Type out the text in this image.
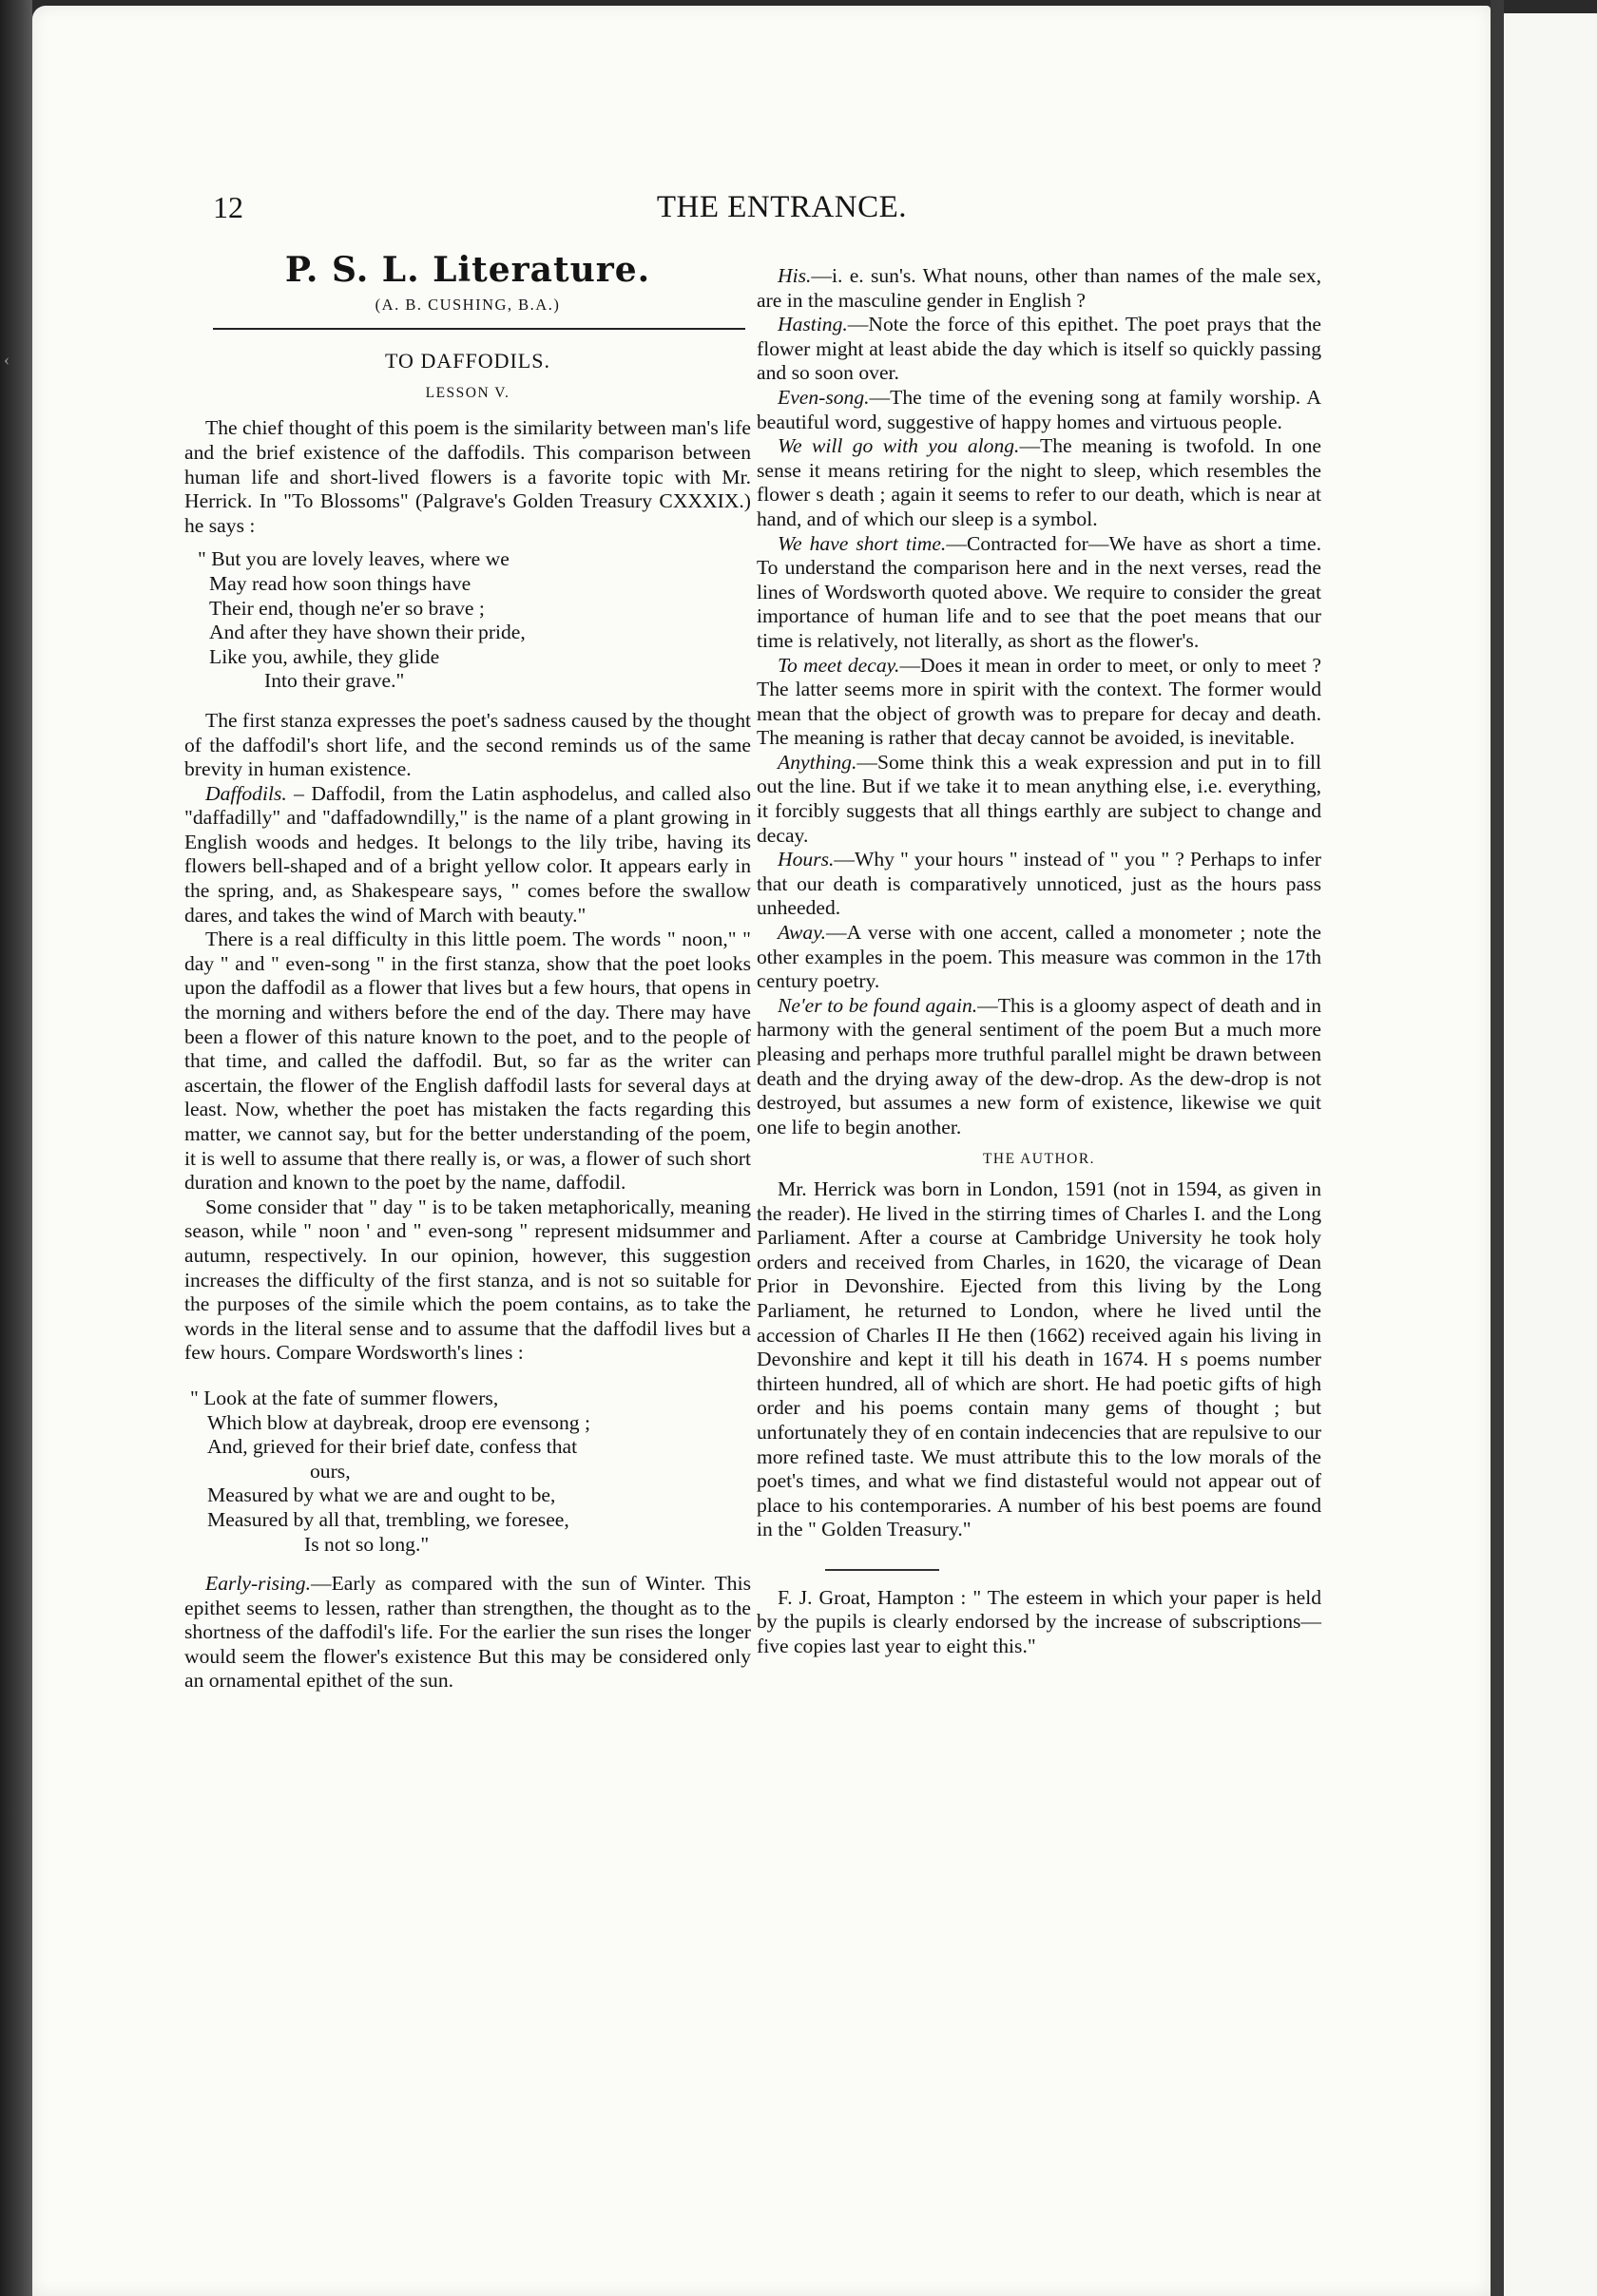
‹
12	THE ENTRANCE.
P. S. L. Literature.
(A. B. CUSHING, B.A.)
TO DAFFODILS.
LESSON V.

The chief thought of this poem is the similarity between man's life and the brief existence of the daffodils. This comparison between human life and short-lived flowers is a favorite topic with Mr. Herrick. In "To Blossoms" (Palgrave's Golden Treasury CXXXIX.) he says :

" But you are lovely leaves, where we
May read how soon things have
Their end, though ne'er so brave ;
And after they have shown their pride,
Like you, awhile, they glide
Into their grave."

The first stanza expresses the poet's sadness caused by the thought of the daffodil's short life, and the second reminds us of the same brevity in human existence.

Daffodils. – Daffodil, from the Latin asphodelus, and called also "daffadilly" and "daffadowndilly," is the name of a plant growing in English woods and hedges. It belongs to the lily tribe, having its flowers bell-shaped and of a bright yellow color. It appears early in the spring, and, as Shakespeare says, " comes before the swallow dares, and takes the wind of March with beauty."

There is a real difficulty in this little poem. The words " noon," " day " and " even-song " in the first stanza, show that the poet looks upon the daffodil as a flower that lives but a few hours, that opens in the morning and withers before the end of the day. There may have been a flower of this nature known to the poet, and to the people of that time, and called the daffodil. But, so far as the writer can ascertain, the flower of the English daffodil lasts for several days at least. Now, whether the poet has mistaken the facts regarding this matter, we cannot say, but for the better understanding of the poem, it is well to assume that there really is, or was, a flower of such short duration and known to the poet by the name, daffodil.

Some consider that " day " is to be taken metaphorically, meaning season, while " noon ' and " even-song " represent midsummer and autumn, respectively. In our opinion, however, this suggestion increases the difficulty of the first stanza, and is not so suitable for the purposes of the simile which the poem contains, as to take the words in the literal sense and to assume that the daffodil lives but a few hours. Compare Wordsworth's lines :

" Look at the fate of summer flowers,
Which blow at daybreak, droop ere evensong ;
And, grieved for their brief date, confess that
ours,
Measured by what we are and ought to be,
Measured by all that, trembling, we foresee,
Is not so long."

Early-rising.—Early as compared with the sun of Winter. This epithet seems to lessen, rather than strengthen, the thought as to the shortness of the daffodil's life. For the earlier the sun rises the longer would seem the flower's existence But this may be considered only an ornamental epithet of the sun.

His.—i. e. sun's. What nouns, other than names of the male sex, are in the masculine gender in English ?

Hasting.—Note the force of this epithet. The poet prays that the flower might at least abide the day which is itself so quickly passing and so soon over.

Even-song.—The time of the evening song at family worship. A beautiful word, suggestive of happy homes and virtuous people.

We will go with you along.—The meaning is twofold. In one sense it means retiring for the night to sleep, which resembles the flower s death ; again it seems to refer to our death, which is near at hand, and of which our sleep is a symbol.

We have short time.—Contracted for—We have as short a time. To understand the comparison here and in the next verses, read the lines of Wordsworth quoted above. We require to consider the great importance of human life and to see that the poet means that our time is relatively, not literally, as short as the flower's.

To meet decay.—Does it mean in order to meet, or only to meet ? The latter seems more in spirit with the context. The former would mean that the object of growth was to prepare for decay and death. The meaning is rather that decay cannot be avoided, is inevitable.

Anything.—Some think this a weak expression and put in to fill out the line. But if we take it to mean anything else, i.e. everything, it forcibly suggests that all things earthly are subject to change and decay.

Hours.—Why " your hours " instead of " you " ? Perhaps to infer that our death is comparatively unnoticed, just as the hours pass unheeded.

Away.—A verse with one accent, called a monometer ; note the other examples in the poem. This measure was common in the 17th century poetry.

Ne'er to be found again.—This is a gloomy aspect of death and in harmony with the general sentiment of the poem But a much more pleasing and perhaps more truthful parallel might be drawn between death and the drying away of the dew-drop. As the dew-drop is not destroyed, but assumes a new form of existence, likewise we quit one life to begin another.

THE AUTHOR.

Mr. Herrick was born in London, 1591 (not in 1594, as given in the reader). He lived in the stirring times of Charles I. and the Long Parliament. After a course at Cambridge University he took holy orders and received from Charles, in 1620, the vicarage of Dean Prior in Devonshire. Ejected from this living by the Long Parliament, he returned to London, where he lived until the accession of Charles II He then (1662) received again his living in Devonshire and kept it till his death in 1674. H s poems number thirteen hundred, all of which are short. He had poetic gifts of high order and his poems contain many gems of thought ; but unfortunately they of en contain indecencies that are repulsive to our more refined taste. We must attribute this to the low morals of the poet's times, and what we find distasteful would not appear out of place to his contemporaries. A number of his best poems are found in the " Golden Treasury."

F. J. Groat, Hampton : " The esteem in which your paper is held by the pupils is clearly endorsed by the increase of subscriptions—five copies last year to eight this."
